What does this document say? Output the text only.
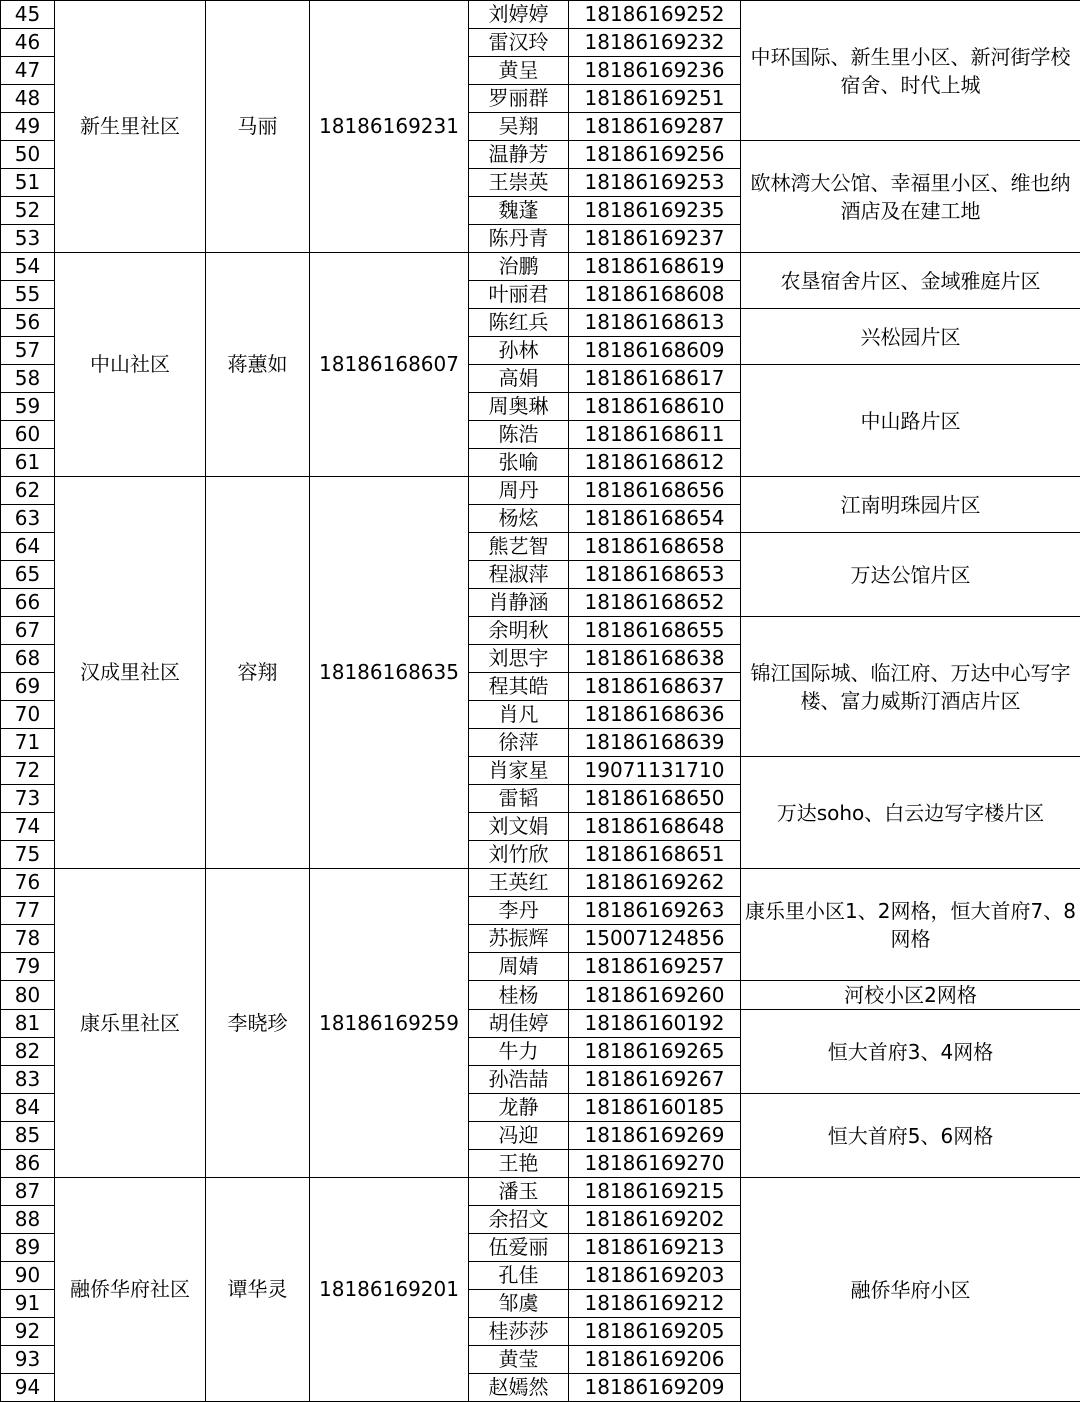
45	新生里社区	马丽	18186169231	刘婷婷	18186169252	中环国际、新生里小区、新河街学校宿舍、时代上城
46				雷汉玲	18186169232	
47				黄呈	18186169236	
48				罗丽群	18186169251	
49				吴翔	18186169287	
50				温静芳	18186169256	欧林湾大公馆、幸福里小区、维也纳酒店及在建工地
51				王崇英	18186169253	
52				魏蓬	18186169235	
53				陈丹青	18186169237	
54	中山社区	蒋蕙如	18186168607	治鹏	18186168619	农垦宿舍片区、金域雅庭片区
55				叶丽君	18186168608	
56				陈红兵	18186168613	兴松园片区
57				孙林	18186168609	
58				高娟	18186168617	中山路片区
59				周奥琳	18186168610	
60				陈浩	18186168611	
61				张喻	18186168612	
62	汉成里社区	容翔	18186168635	周丹	18186168656	江南明珠园片区
63				杨炫	18186168654	
64				熊艺智	18186168658	万达公馆片区
65				程淑萍	18186168653	
66				肖静涵	18186168652	
67				余明秋	18186168655	锦江国际城、临江府、万达中心写字楼、富力威斯汀酒店片区
68				刘思宇	18186168638	
69				程其皓	18186168637	
70				肖凡	18186168636	
71				徐萍	18186168639	
72				肖家星	19071131710	万达soho、白云边写字楼片区
73				雷韬	18186168650	
74				刘文娟	18186168648	
75				刘竹欣	18186168651	
76	康乐里社区	李晓珍	18186169259	王英红	18186169262	康乐里小区1、2网格，恒大首府7、8网格
77				李丹	18186169263	
78				苏振辉	15007124856	
79				周婧	18186169257	
80				桂杨	18186169260	河校小区2网格
81				胡佳婷	18186160192	恒大首府3、4网格
82				牛力	18186169265	
83				孙浩喆	18186169267	
84				龙静	18186160185	恒大首府5、6网格
85				冯迎	18186169269	
86				王艳	18186169270	
87	融侨华府社区	谭华灵	18186169201	潘玉	18186169215	融侨华府小区
88				余招文	18186169202	
89				伍爱丽	18186169213	
90				孔佳	18186169203	
91				邹虞	18186169212	
92				桂莎莎	18186169205	
93				黄莹	18186169206	
94				赵嫣然	18186169209	
